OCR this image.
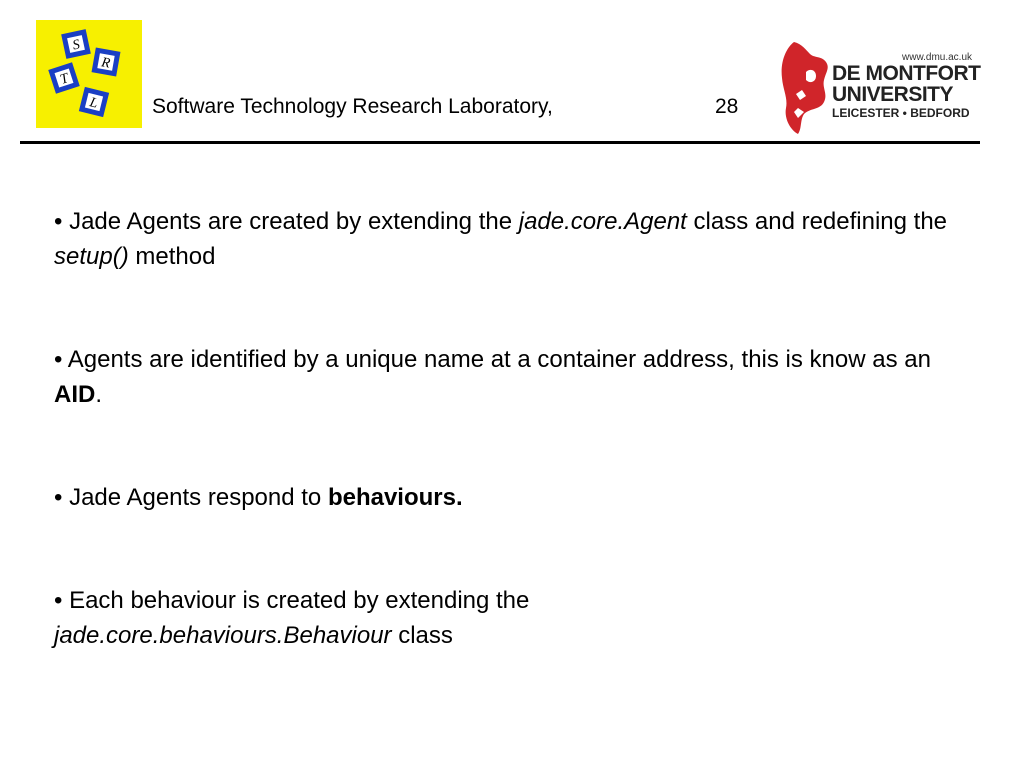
S
R
T
L	Software Technology Research Laboratory,	28
www.dmu.ac.uk
DE MONTFORT
UNIVERSITY
LEICESTER • BEDFORD
• Jade Agents are created by extending the jade.core.Agent class and redefining the setup() method
• Agents are identified by a unique name at a container address, this is know as an AID.
• Jade Agents respond to behaviours.
• Each behaviour is created by extending the
jade.core.behaviours.Behaviour class
